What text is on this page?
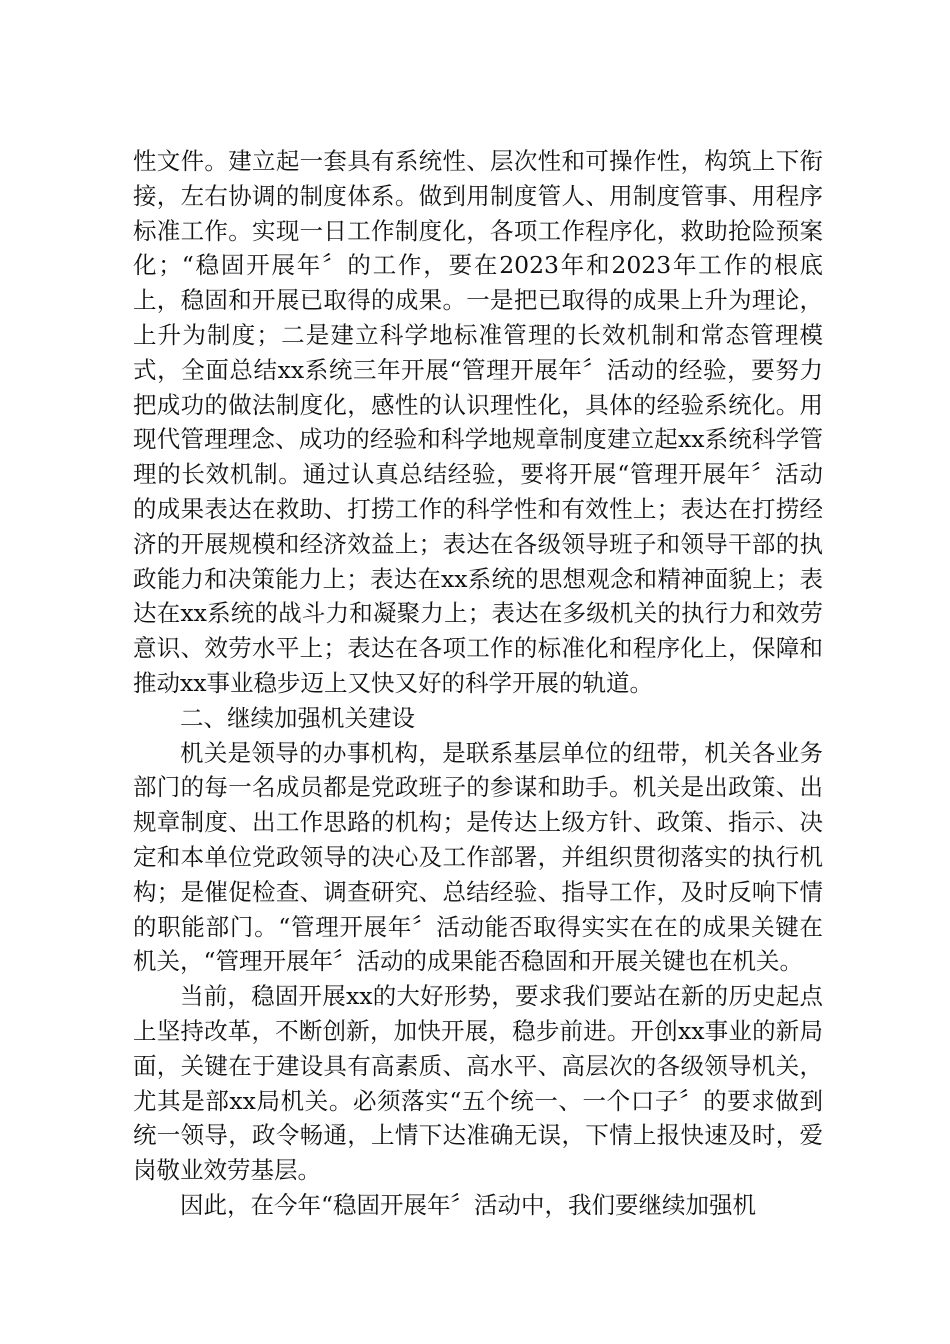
性文件。建立起一套具有系统性、层次性和可操作性，构筑上下衔接，左右协调的制度体系。做到用制度管人、用制度管事、用程序标准工作。实现一日工作制度化，各项工作程序化，救助抢险预案化；“稳固开展年〞的工作，要在2023年和2023年工作的根底上，稳固和开展已取得的成果。一是把已取得的成果上升为理论，上升为制度；二是建立科学地标准管理的长效机制和常态管理模式，全面总结xx系统三年开展“管理开展年〞活动的经验，要努力把成功的做法制度化，感性的认识理性化，具体的经验系统化。用现代管理理念、成功的经验和科学地规章制度建立起xx系统科学管理的长效机制。通过认真总结经验，要将开展“管理开展年〞活动的成果表达在救助、打捞工作的科学性和有效性上；表达在打捞经济的开展规模和经济效益上；表达在各级领导班子和领导干部的执政能力和决策能力上；表达在xx系统的思想观念和精神面貌上；表达在xx系统的战斗力和凝聚力上；表达在多级机关的执行力和效劳意识、效劳水平上；表达在各项工作的标准化和程序化上，保障和推动xx事业稳步迈上又快又好的科学开展的轨道。

二、继续加强机关建设

机关是领导的办事机构，是联系基层单位的纽带，机关各业务部门的每一名成员都是党政班子的参谋和助手。机关是出政策、出规章制度、出工作思路的机构；是传达上级方针、政策、指示、决定和本单位党政领导的决心及工作部署，并组织贯彻落实的执行机构；是催促检查、调查研究、总结经验、指导工作，及时反响下情的职能部门。“管理开展年〞活动能否取得实实在在的成果关键在机关，“管理开展年〞活动的成果能否稳固和开展关键也在机关。

当前，稳固开展xx的大好形势，要求我们要站在新的历史起点上坚持改革，不断创新，加快开展，稳步前进。开创xx事业的新局面，关键在于建设具有高素质、高水平、高层次的各级领导机关，尤其是部xx局机关。必须落实“五个统一、一个口子〞的要求做到统一领导，政令畅通，上情下达准确无误，下情上报快速及时，爱岗敬业效劳基层。

因此，在今年“稳固开展年〞活动中，我们要继续加强机
